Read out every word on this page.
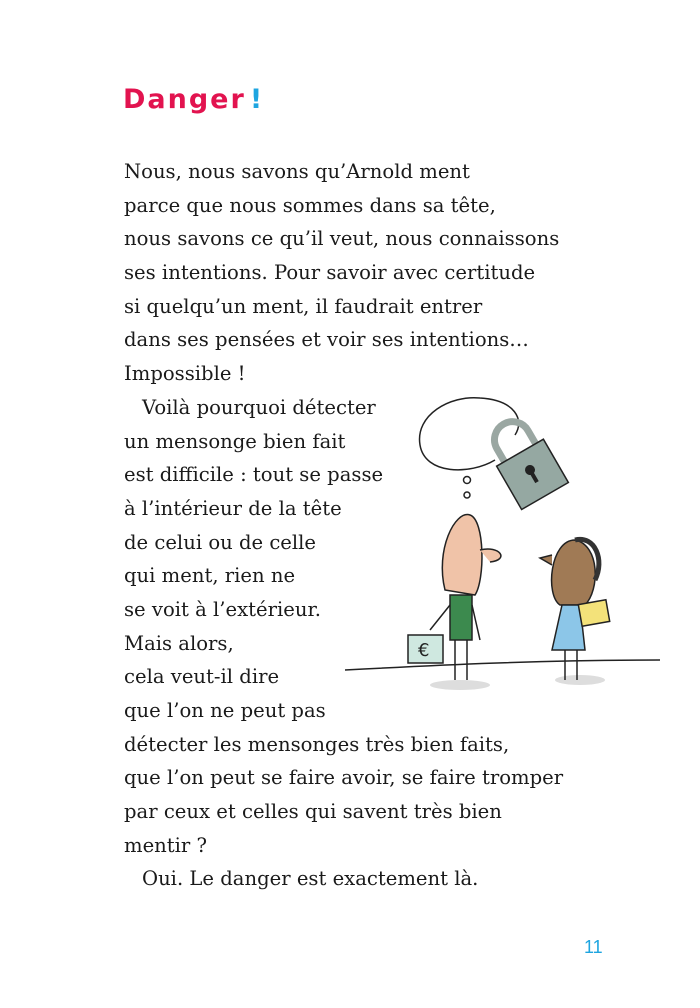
Danger !
Nous, nous savons qu’Arnold ment
parce que nous sommes dans sa tête,
nous savons ce qu’il veut, nous connaissons
ses intentions. Pour savoir avec certitude
si quelqu’un ment, il faudrait entrer
dans ses pensées et voir ses intentions…
Impossible !
Voilà pourquoi détecter
un mensonge bien fait
est difficile : tout se passe
à l’intérieur de la tête
de celui ou de celle
qui ment, rien ne
se voit à l’extérieur.
Mais alors,
cela veut-il dire
que l’on ne peut pas
détecter les mensonges très bien faits,
que l’on peut se faire avoir, se faire tromper
par ceux et celles qui savent très bien
mentir ?
Oui. Le danger est exactement là.
€
11
